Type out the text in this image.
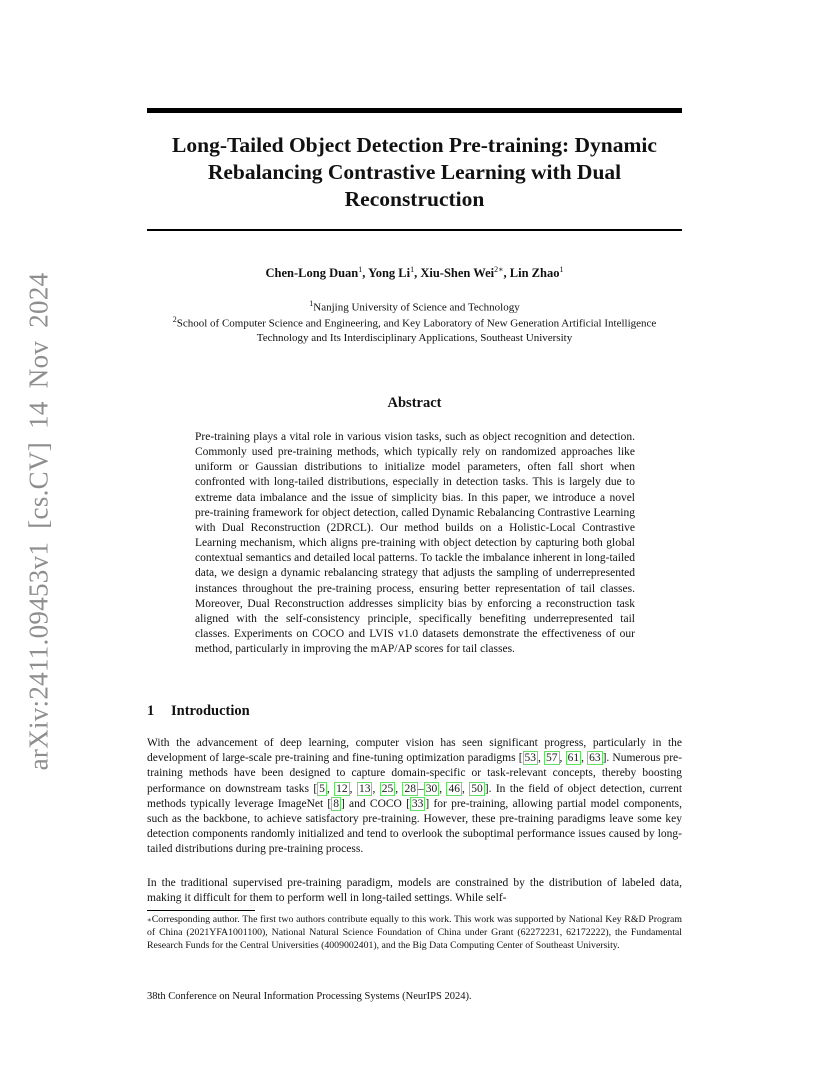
arXiv:2411.09453v1 [cs.CV] 14 Nov 2024
Long-Tailed Object Detection Pre-training: Dynamic
Rebalancing Contrastive Learning with Dual
Reconstruction
Chen-Long Duan$^1$, Yong Li$^1$, Xiu-Shen Wei$^{2∗}$, Lin Zhao$^1$
$^1$Nanjing University of Science and Technology
$^2$School of Computer Science and Engineering, and Key Laboratory of New Generation Artificial Intelligence Technology and Its Interdisciplinary Applications, Southeast University
Abstract

Pre-training plays a vital role in various vision tasks, such as object recognition and detection. Commonly used pre-training methods, which typically rely on randomized approaches like uniform or Gaussian distributions to initialize model parameters, often fall short when confronted with long-tailed distributions, especially in detection tasks. This is largely due to extreme data imbalance and the issue of simplicity bias. In this paper, we introduce a novel pre-training framework for object detection, called Dynamic Rebalancing Contrastive Learning with Dual Reconstruction (2DRCL). Our method builds on a Holistic-Local Contrastive Learning mechanism, which aligns pre-training with object detection by capturing both global contextual semantics and detailed local patterns. To tackle the imbalance inherent in long-tailed data, we design a dynamic rebalancing strategy that adjusts the sampling of underrepresented instances throughout the pre-training process, ensuring better representation of tail classes. Moreover, Dual Reconstruction addresses simplicity bias by enforcing a reconstruction task aligned with the self-consistency principle, specifically benefiting underrepresented tail classes. Experiments on COCO and LVIS v1.0 datasets demonstrate the effectiveness of our method, particularly in improving the mAP/AP scores for tail classes.

1 Introduction

With the advancement of deep learning, computer vision has seen significant progress, particularly in the development of large-scale pre-training and fine-tuning optimization paradigms [ 53 , 57 , 61 , 63 ]. Numerous pre-training methods have been designed to capture domain-specific or task-relevant concepts, thereby boosting performance on downstream tasks [ 5 , 12 , 13 , 25 , 28 – 30 , 46 , 50 ]. In the field of object detection, current methods typically leverage ImageNet [ 8 ] and COCO [ 33 ] for pre-training, allowing partial model components, such as the backbone, to achieve satisfactory pre-training. However, these pre-training paradigms leave some key detection components randomly initialized and tend to overlook the suboptimal performance issues caused by long-tailed distributions during pre-training process.

In the traditional supervised pre-training paradigm, models are constrained by the distribution of labeled data, making it difficult for them to perform well in long-tailed settings. While self-

∗Corresponding author. The first two authors contribute equally to this work. This work was supported by National Key R&D Program of China (2021YFA1001100), National Natural Science Foundation of China under Grant (62272231, 62172222), the Fundamental Research Funds for the Central Universities (4009002401), and the Big Data Computing Center of Southeast University.

38th Conference on Neural Information Processing Systems (NeurIPS 2024).
